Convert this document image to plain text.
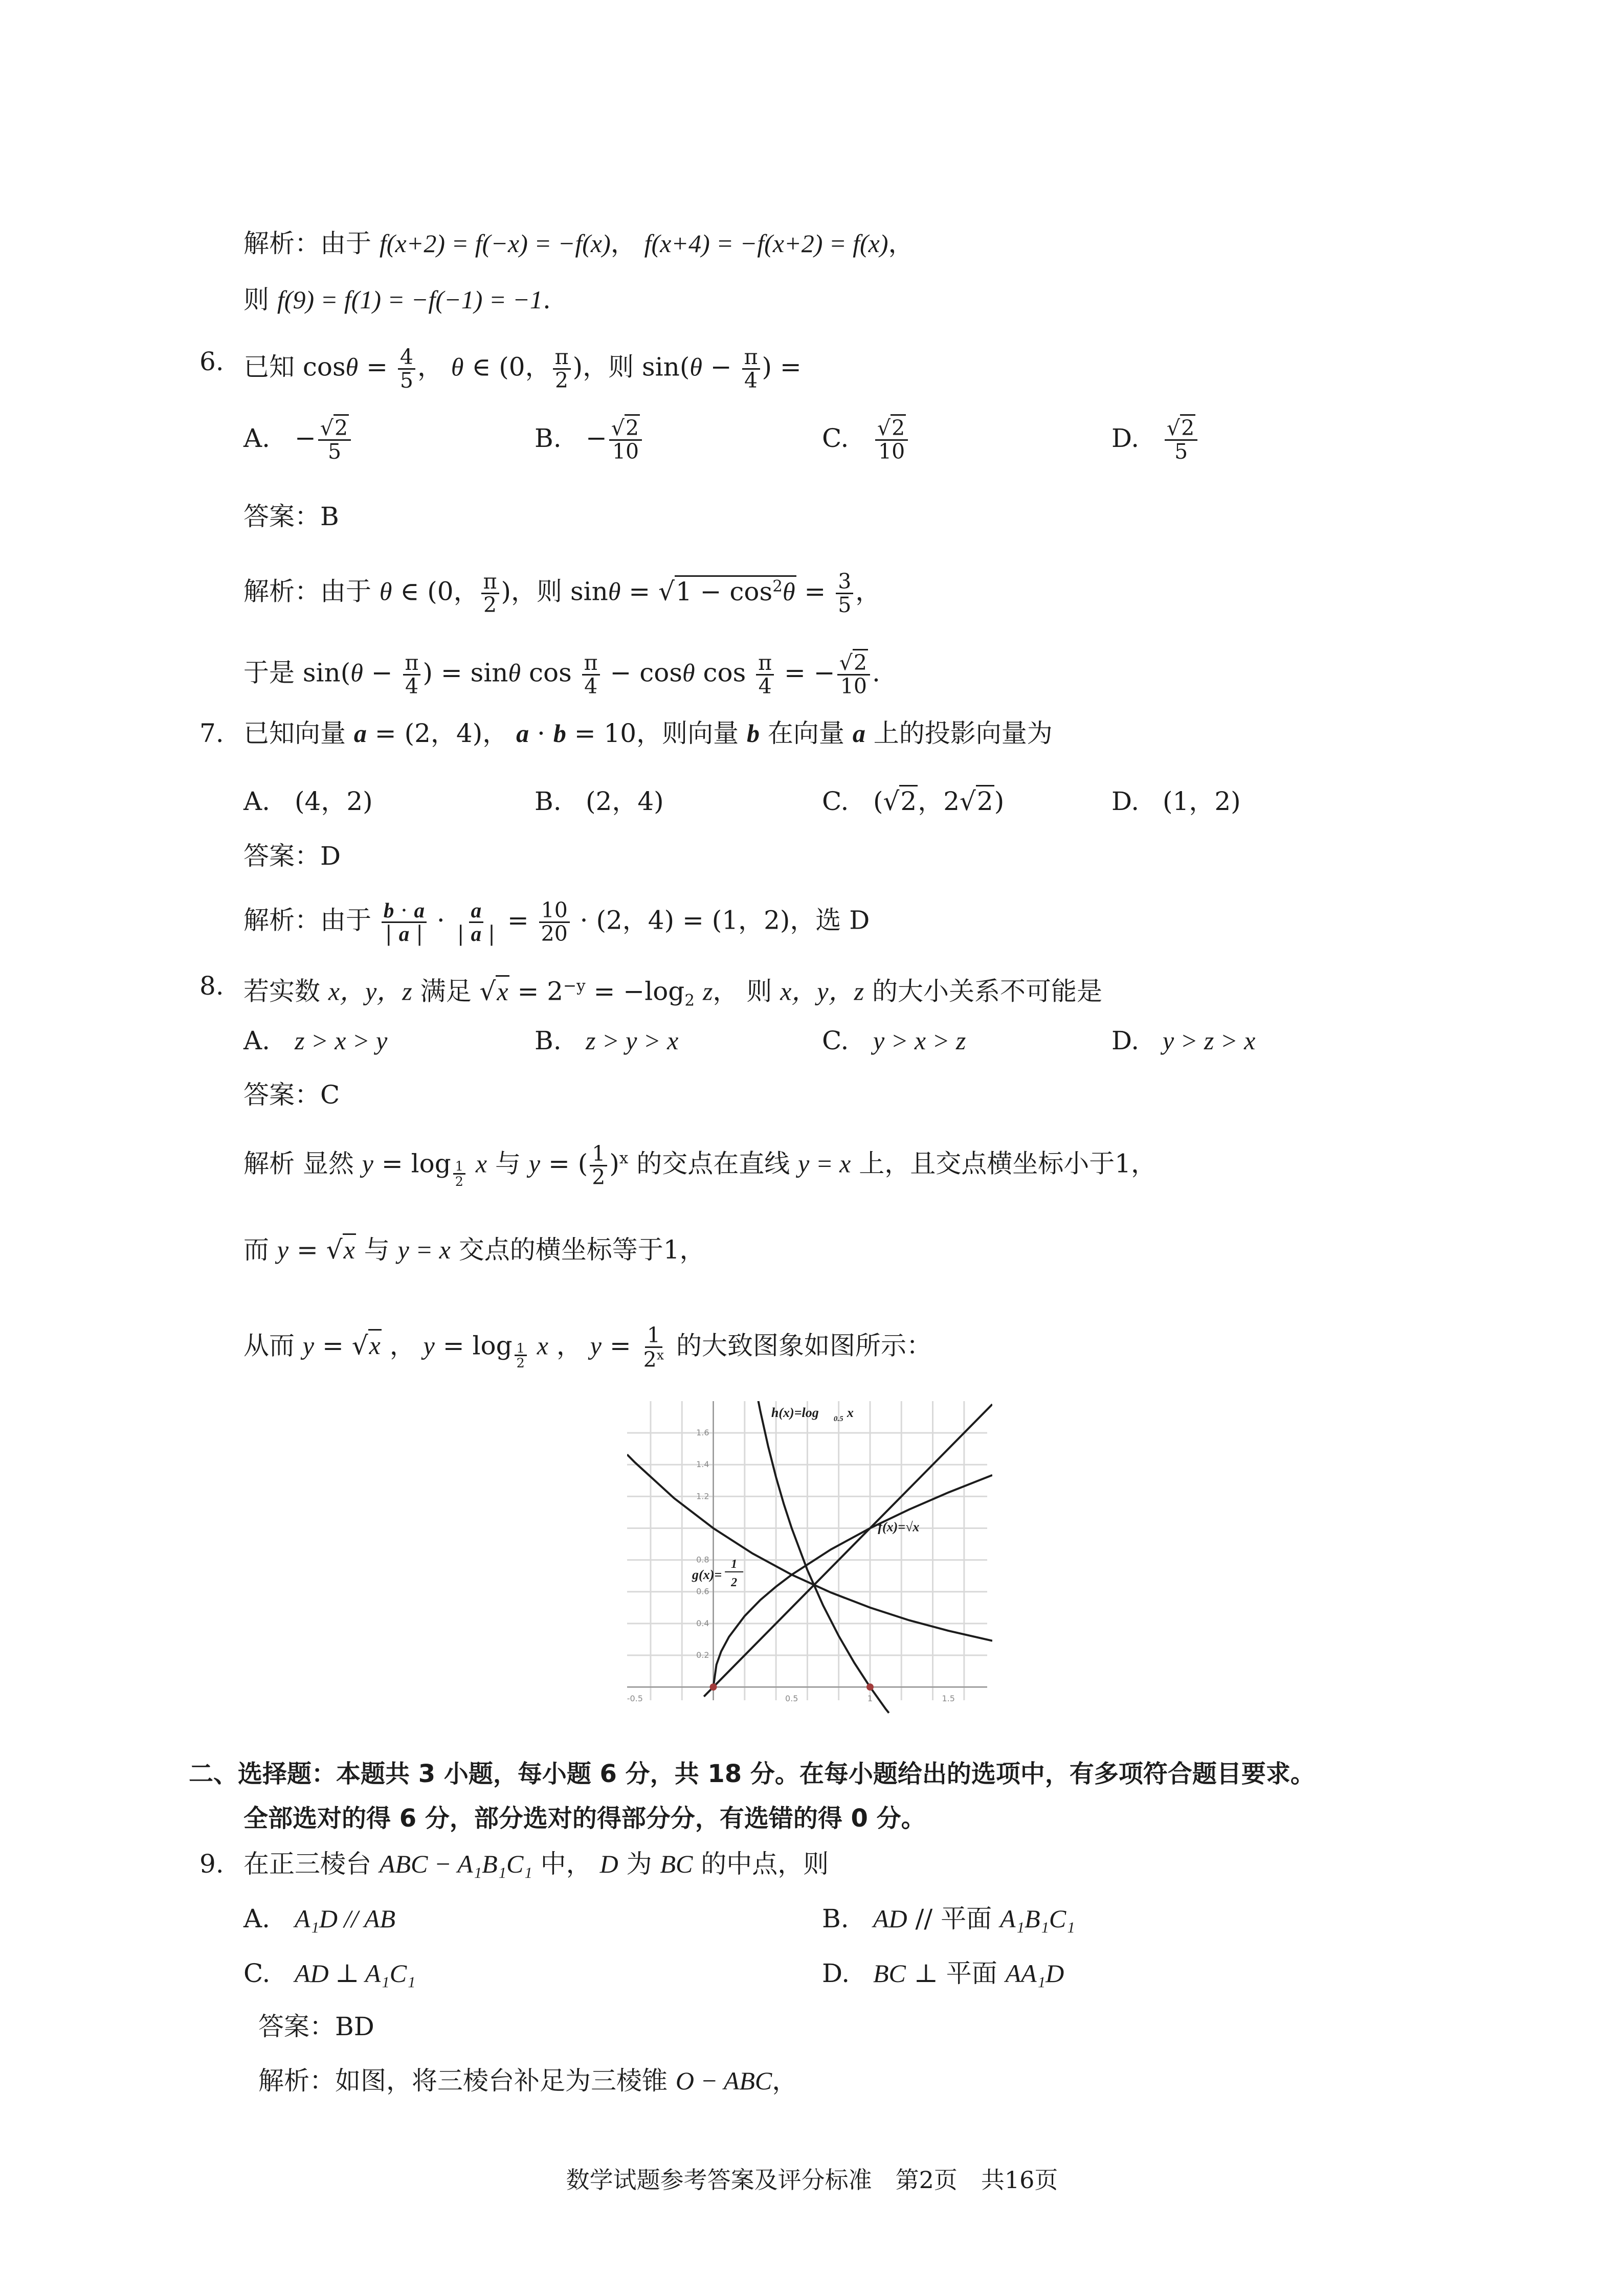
解析：由于 f(x+2) = f(−x) = −f(x)， f(x+4) = −f(x+2) = f(x)，
则 f(9) = f(1) = −f(−1) = −1.
6. 已知 $\cos\theta = \frac{4}{5}$ ， θ ∈ (0， $\frac{\pi}{2}$ )，则 $\sin(\theta - \frac{\pi}{4}$ ) =
A. − $\frac{√2}{5}$	B. − $\frac{√2}{10}$	C. $\frac{√2}{10}$	D. $\frac{√2}{5}$
答案：B
解析：由于 θ ∈ (0， $\frac{\pi}{2}$ )，则 $\sin\theta = √1 - \cos^2\theta = \frac{3}{5}$ ，
于是 $\sin(\theta - \frac{\pi}{4}$ ) = sinθ $\cos \frac{\pi}{4} - \cos\theta$ $\cos \frac{\pi}{4}$ = − $\frac{√2}{10}$ .
7. 已知向量 a = (2，4)， a · b = 10，则向量 b 在向量 a 上的投影向量为
A. (4，2)	B. (2，4)	C. (√2，2√2)	D. (1，2)
答案：D
解析：由于 $\frac{b \cdot a}{| a |} \cdot \frac{a}{| a |} = \frac{10}{20} \cdot (2$，4) = (1，2)，选 D
8. 若实数 x，y，z 满足 $√x = 2^{-y} = -\log_2$ z， 则 x，y，z 的大小关系不可能是
A. z > x > y	B. z > y > x	C. y > x > z	D. y > z > x
答案：C
解析 显然 y = log $_{\frac{1}{2}}$ x 与 y = ( $\frac{1}{2} )^x$ 的交点在直线 y = x 上，且交点横坐标小于1，
而 y = √x 与 y = x 交点的横坐标等于1，
从而 y = √x ， y = log $_{\frac{1}{2}}$ x ， $y = \frac{1}{2^x}$ 的大致图象如图所示：
-0.5	0.5	1	1.5
0.2
0.4
0.6
0.8
1.2
1.4
1.6
h(x)=log 0.5 x
f(x)=√x
g(x)=
1
2
二、选择题：本题共 3 小题，每小题 6 分，共 18 分。在每小题给出的选项中，有多项符合题目要求。
全部选对的得 6 分，部分选对的得部分分，有选错的得 0 分。
9. 在正三棱台 ABC − A₁B₁C₁ 中， D 为 BC 的中点，则
A. A₁D // AB	B. AD // 平面 A₁B₁C₁
C. AD ⊥ A₁C₁	D. BC ⊥ 平面 AA₁D
答案：BD
解析：如图，将三棱台补足为三棱锥 O − ABC，
数学试题参考答案及评分标准　第2页　共16页
